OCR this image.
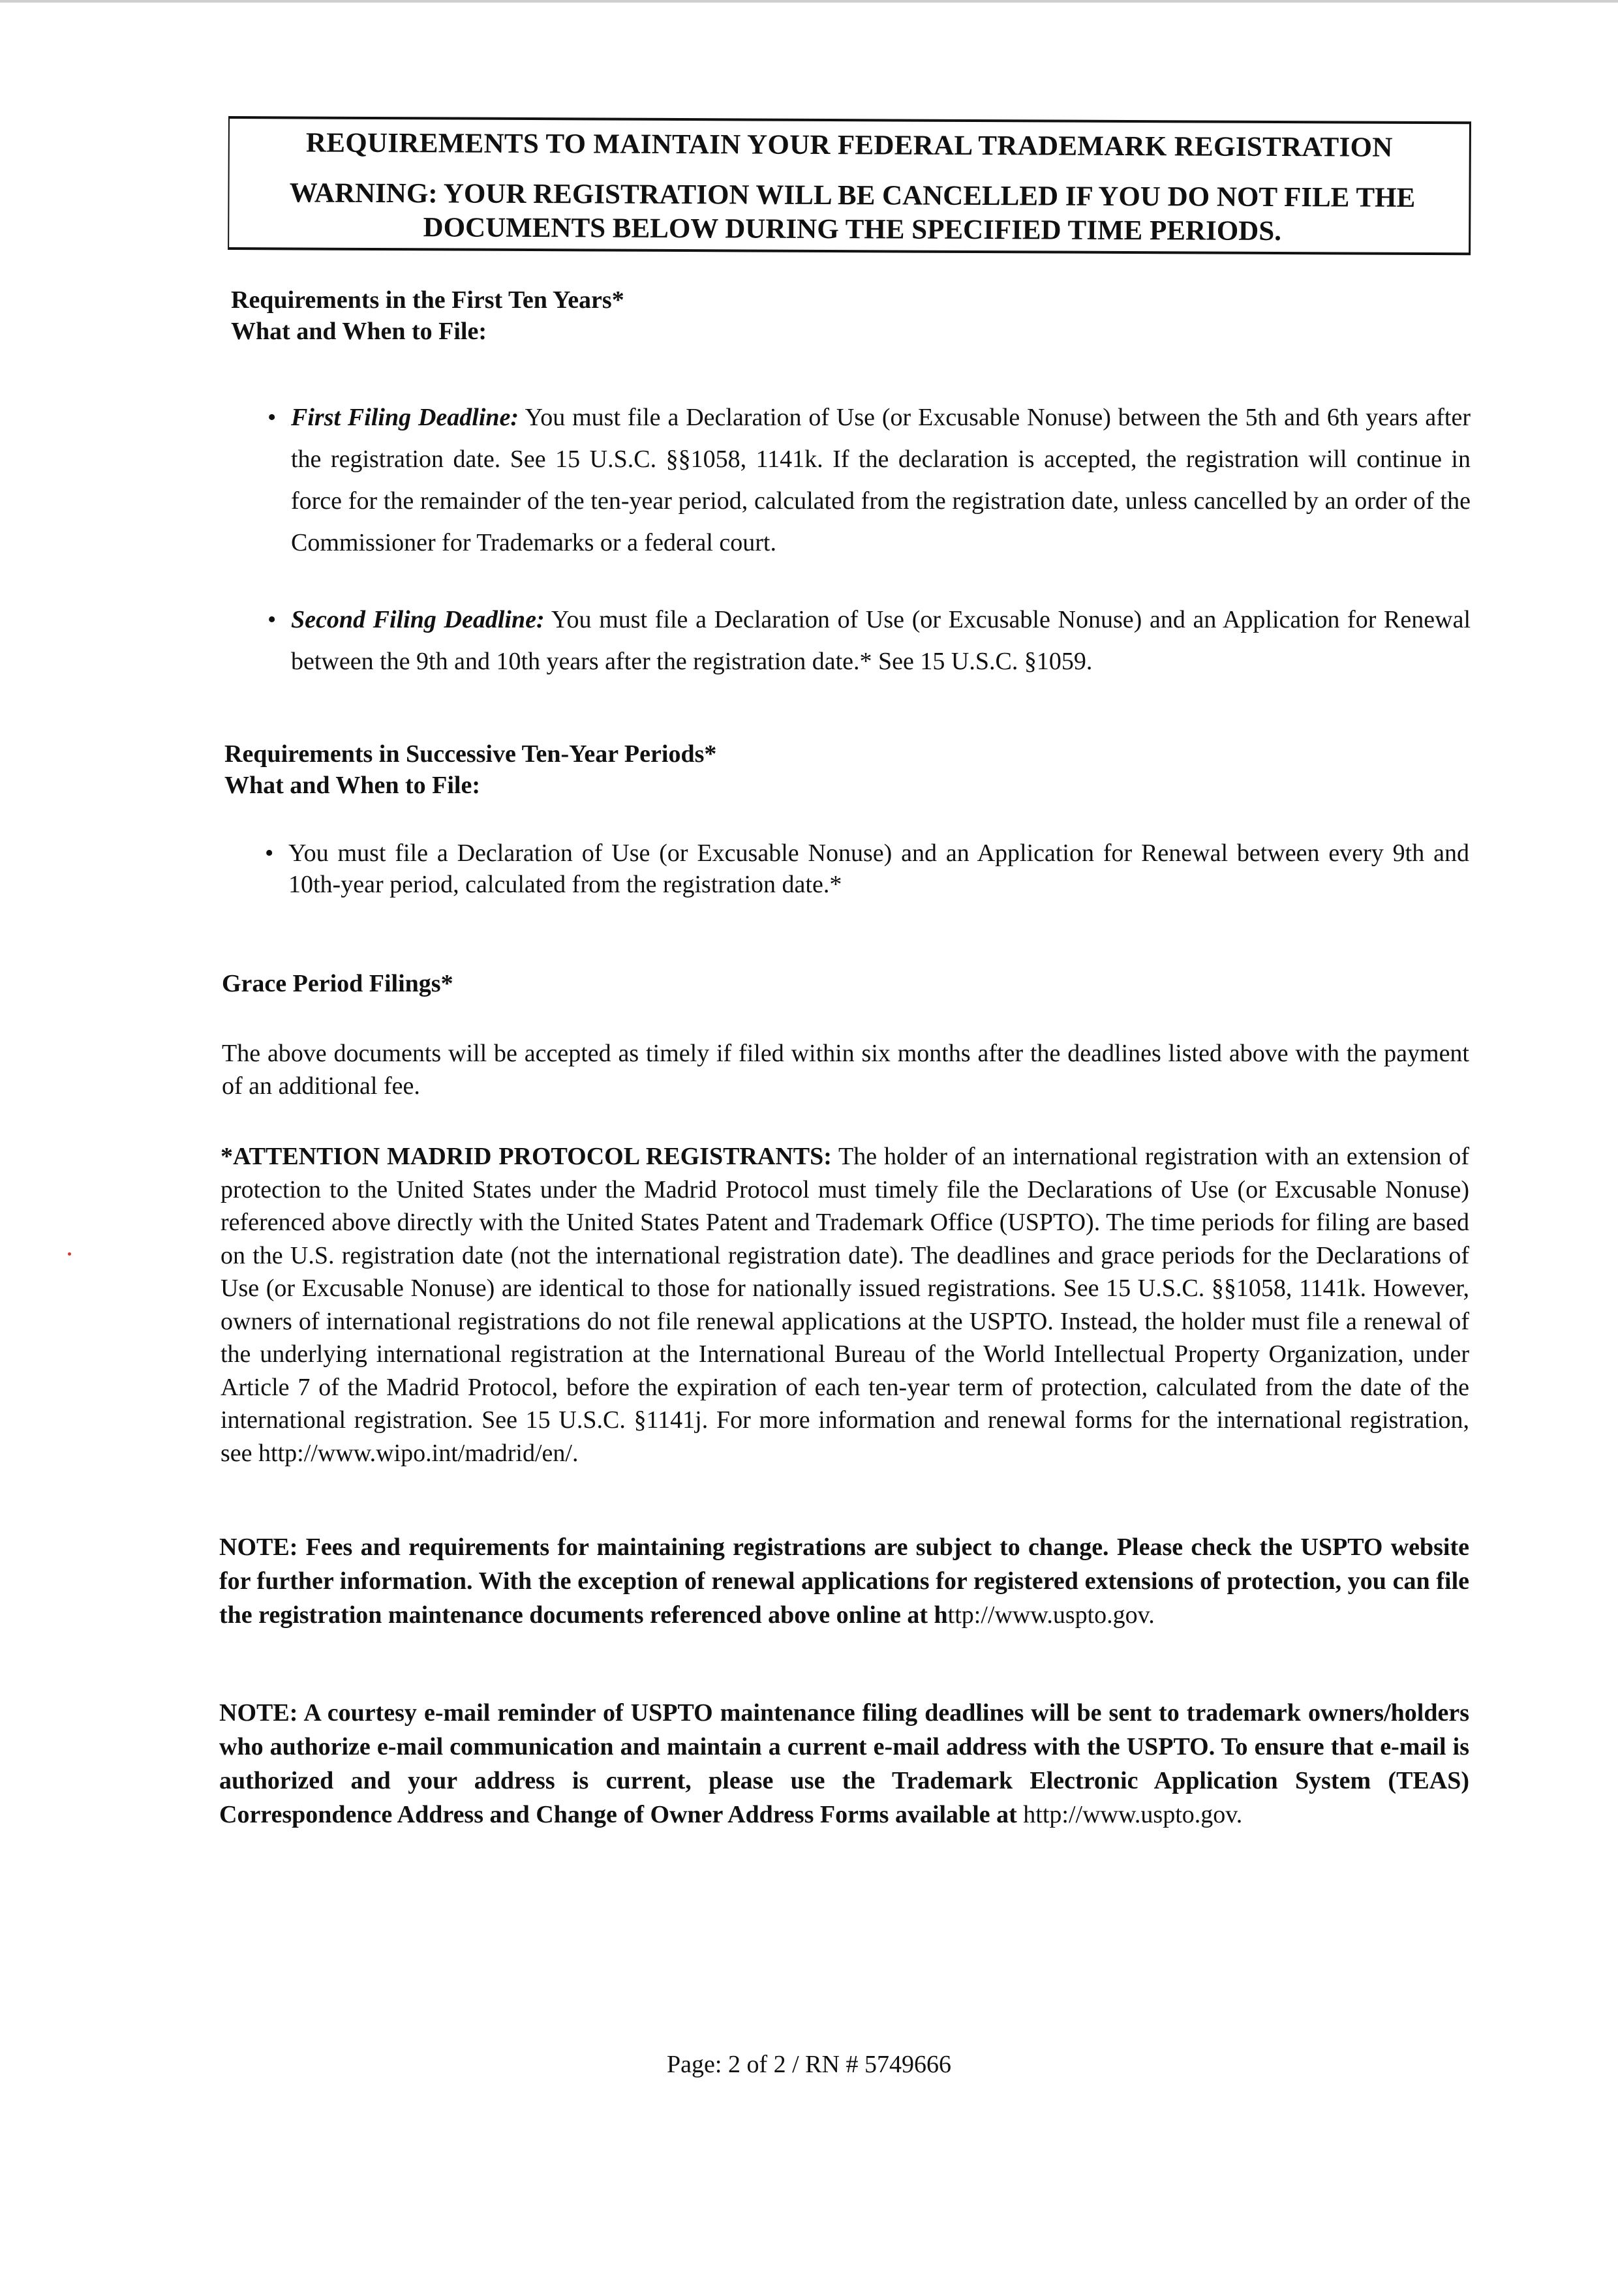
REQUIREMENTS TO MAINTAIN YOUR FEDERAL TRADEMARK REGISTRATION
WARNING: YOUR REGISTRATION WILL BE CANCELLED IF YOU DO NOT FILE THE DOCUMENTS BELOW DURING THE SPECIFIED TIME PERIODS.
Requirements in the First Ten Years*
What and When to File:
• First Filing Deadline: You must file a Declaration of Use (or Excusable Nonuse) between the 5th and 6th years after the registration date. See 15 U.S.C. §§1058, 1141k. If the declaration is accepted, the registration will continue in force for the remainder of the ten-year period, calculated from the registration date, unless cancelled by an order of the Commissioner for Trademarks or a federal court.
• Second Filing Deadline: You must file a Declaration of Use (or Excusable Nonuse) and an Application for Renewal between the 9th and 10th years after the registration date.* See 15 U.S.C. §1059.
Requirements in Successive Ten-Year Periods*
What and When to File:
• You must file a Declaration of Use (or Excusable Nonuse) and an Application for Renewal between every 9th and 10th-year period, calculated from the registration date.*
Grace Period Filings*
The above documents will be accepted as timely if filed within six months after the deadlines listed above with the payment of an additional fee.
*ATTENTION MADRID PROTOCOL REGISTRANTS: The holder of an international registration with an extension of protection to the United States under the Madrid Protocol must timely file the Declarations of Use (or Excusable Nonuse) referenced above directly with the United States Patent and Trademark Office (USPTO). The time periods for filing are based on the U.S. registration date (not the international registration date). The deadlines and grace periods for the Declarations of Use (or Excusable Nonuse) are identical to those for nationally issued registrations. See 15 U.S.C. §§1058, 1141k. However, owners of international registrations do not file renewal applications at the USPTO. Instead, the holder must file a renewal of the underlying international registration at the International Bureau of the World Intellectual Property Organization, under Article 7 of the Madrid Protocol, before the expiration of each ten-year term of protection, calculated from the date of the international registration. See 15 U.S.C. §1141j. For more information and renewal forms for the international registration, see http://www.wipo.int/madrid/en/.
NOTE: Fees and requirements for maintaining registrations are subject to change. Please check the USPTO website for further information. With the exception of renewal applications for registered extensions of protection, you can file the registration maintenance documents referenced above online at http://www.uspto.gov.
NOTE: A courtesy e-mail reminder of USPTO maintenance filing deadlines will be sent to trademark owners/holders who authorize e-mail communication and maintain a current e-mail address with the USPTO. To ensure that e-mail is authorized and your address is current, please use the Trademark Electronic Application System (TEAS) Correspondence Address and Change of Owner Address Forms available at http://www.uspto.gov.
Page: 2 of 2 / RN # 5749666
